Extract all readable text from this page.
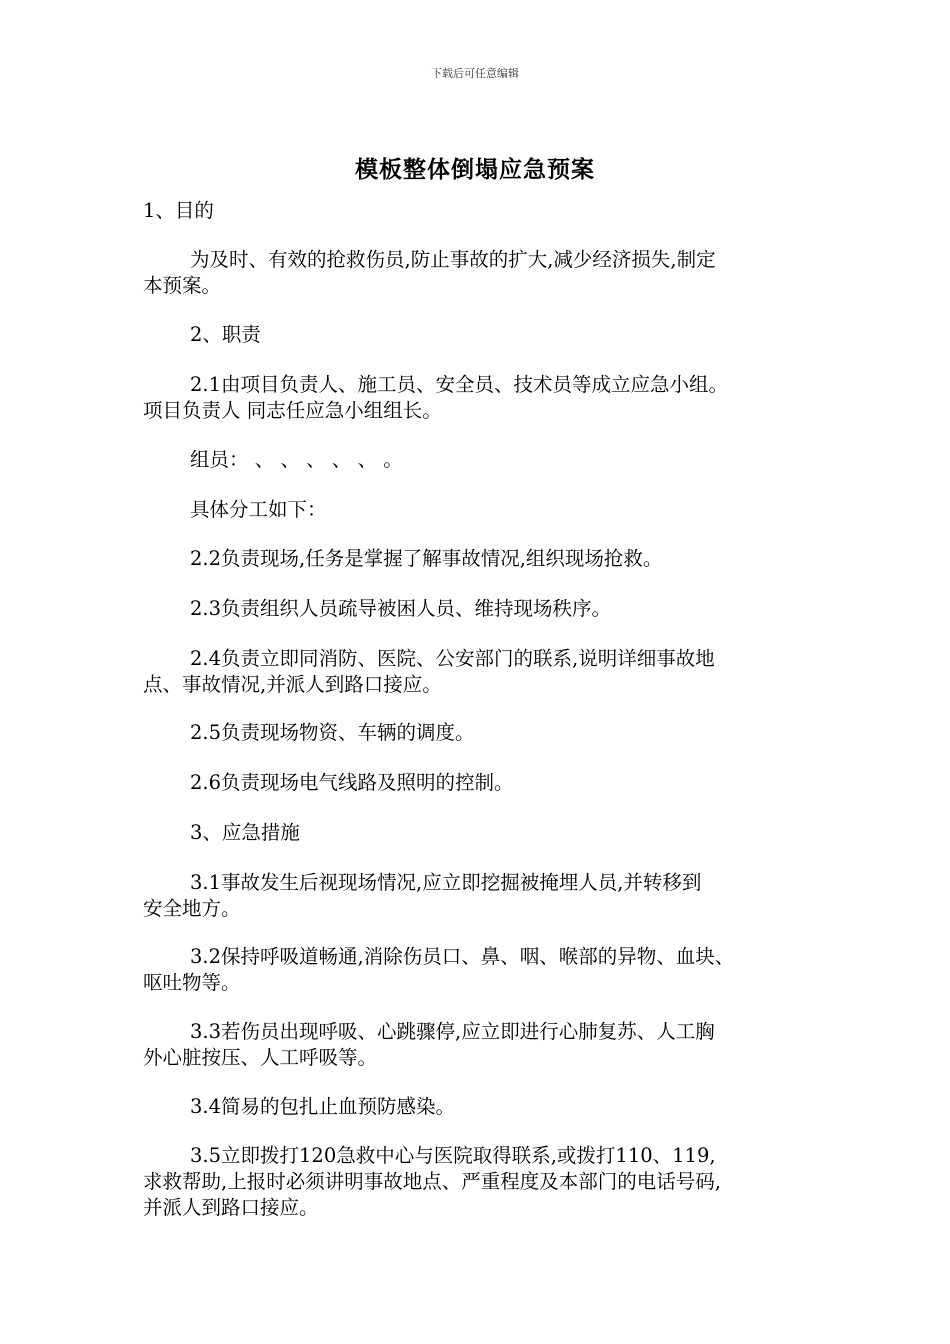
下载后可任意编辑
模板整体倒塌应急预案
1、目的
为及时、有效的抢救伤员,防止事故的扩大,减少经济损失,制定
本预案。
2、职责
2.1由项目负责人、施工员、安全员、技术员等成立应急小组。
项目负责人 同志任应急小组组长。
组员： 、 、 、 、 、 。
具体分工如下：
2.2负责现场,任务是掌握了解事故情况,组织现场抢救。
2.3负责组织人员疏导被困人员、维持现场秩序。
2.4负责立即同消防、医院、公安部门的联系,说明详细事故地
点、事故情况,并派人到路口接应。
2.5负责现场物资、车辆的调度。
2.6负责现场电气线路及照明的控制。
3、应急措施
3.1事故发生后视现场情况,应立即挖掘被掩埋人员,并转移到
安全地方。
3.2保持呼吸道畅通,消除伤员口、鼻、咽、喉部的异物、血块、
呕吐物等。
3.3若伤员出现呼吸、心跳骤停,应立即进行心肺复苏、人工胸
外心脏按压、人工呼吸等。
3.4简易的包扎止血预防感染。
3.5立即拨打120急救中心与医院取得联系,或拨打110、119,
求救帮助,上报时必须讲明事故地点、严重程度及本部门的电话号码,
并派人到路口接应。
